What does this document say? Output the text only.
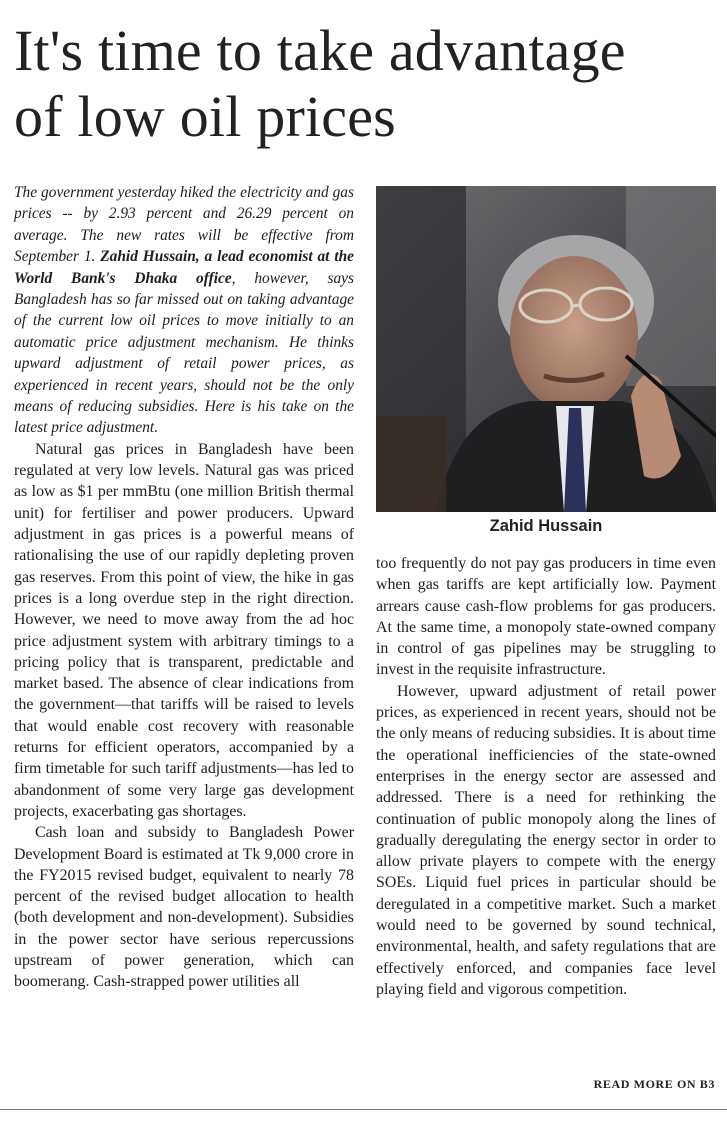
It's time to take advantage
of low oil prices

The government yesterday hiked the electricity and gas prices -- by 2.93 percent and 26.29 percent on average. The new rates will be effective from September 1. Zahid Hussain, a lead economist at the World Bank's Dhaka office, however, says Bangladesh has so far missed out on taking advantage of the current low oil prices to move initially to an automatic price adjustment mechanism. He thinks upward adjustment of retail power prices, as experienced in recent years, should not be the only means of reducing subsidies. Here is his take on the latest price adjustment.

Natural gas prices in Bangladesh have been regulated at very low levels. Natural gas was priced as low as $1 per mmBtu (one million British thermal unit) for fertiliser and power producers. Upward adjustment in gas prices is a powerful means of rationalising the use of our rapidly depleting proven gas reserves. From this point of view, the hike in gas prices is a long overdue step in the right direction. However, we need to move away from the ad hoc price adjustment system with arbitrary timings to a pricing policy that is transparent, predictable and market based. The absence of clear indications from the government—that tariffs will be raised to levels that would enable cost recovery with reasonable returns for efficient operators, accompanied by a firm timetable for such tariff adjustments—has led to abandonment of some very large gas development projects, exacerbating gas shortages.

Cash loan and subsidy to Bangladesh Power Development Board is estimated at Tk 9,000 crore in the FY2015 revised budget, equivalent to nearly 78 percent of the revised budget allocation to health (both development and non-development). Subsidies in the power sector have serious repercussions upstream of power generation, which can boomerang. Cash-strapped power utilities all

Zahid Hussain

too frequently do not pay gas producers in time even when gas tariffs are kept artificially low. Payment arrears cause cash-flow problems for gas producers. At the same time, a monopoly state-owned company in control of gas pipelines may be struggling to invest in the requisite infrastructure.

However, upward adjustment of retail power prices, as experienced in recent years, should not be the only means of reducing subsidies. It is about time the operational inefficiencies of the state-owned enterprises in the energy sector are assessed and addressed. There is a need for rethinking the continuation of public monopoly along the lines of gradually deregulating the energy sector in order to allow private players to compete with the energy SOEs. Liquid fuel prices in particular should be deregulated in a competitive market. Such a market would need to be governed by sound technical, environmental, health, and safety regulations that are effectively enforced, and companies face level playing field and vigorous competition.

READ MORE ON B3
